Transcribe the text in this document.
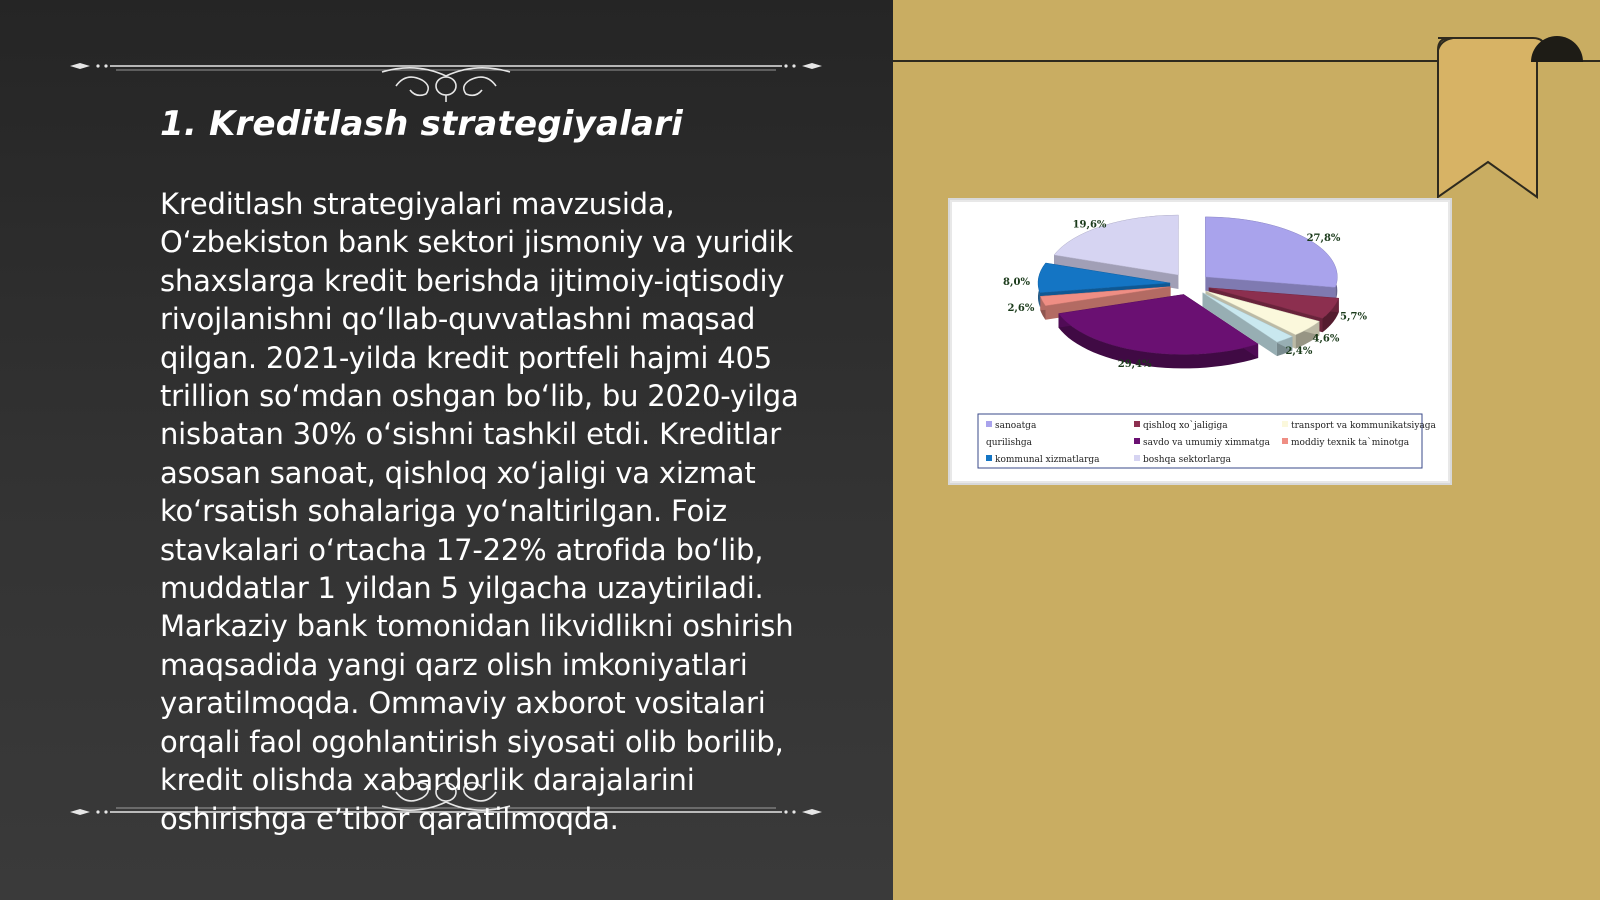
1. Kreditlash strategiyalari
Kreditlash strategiyalari mavzusida, O‘zbekiston bank sektori jismoniy va yuridik shaxslarga kredit berishda ijtimoiy-iqtisodiy rivojlanishni qo‘llab-quvvatlashni maqsad qilgan. 2021-yilda kredit portfeli hajmi 405 trillion so‘mdan oshgan bo‘lib, bu 2020-yilga nisbatan 30% o‘sishni tashkil etdi. Kreditlar asosan sanoat, qishloq xo‘jaligi va xizmat ko‘rsatish sohalariga yo‘naltirilgan. Foiz stavkalari o‘rtacha 17-22% atrofida bo‘lib, muddatlar 1 yildan 5 yilgacha uzaytiriladi. Markaziy bank tomonidan likvidlikni oshirish maqsadida yangi qarz olish imkoniyatlari yaratilmoqda. Ommaviy axborot vositalari orqali faol ogohlantirish siyosati olib borilib, kredit olishda xabardorlik darajalarini oshirishga e’tibor qaratilmoqda.
27,8%
5,7%
4,6%
2,4%
29,4%
2,6%
8,0%
19,6%
sanoatga	qishloq xo`jaligiga	transport va kommunikatsiyaga
qurilishga	savdo va umumiy ximmatga moddiy texnik ta`minotga
kommunal xizmatlarga	boshqa sektorlarga
